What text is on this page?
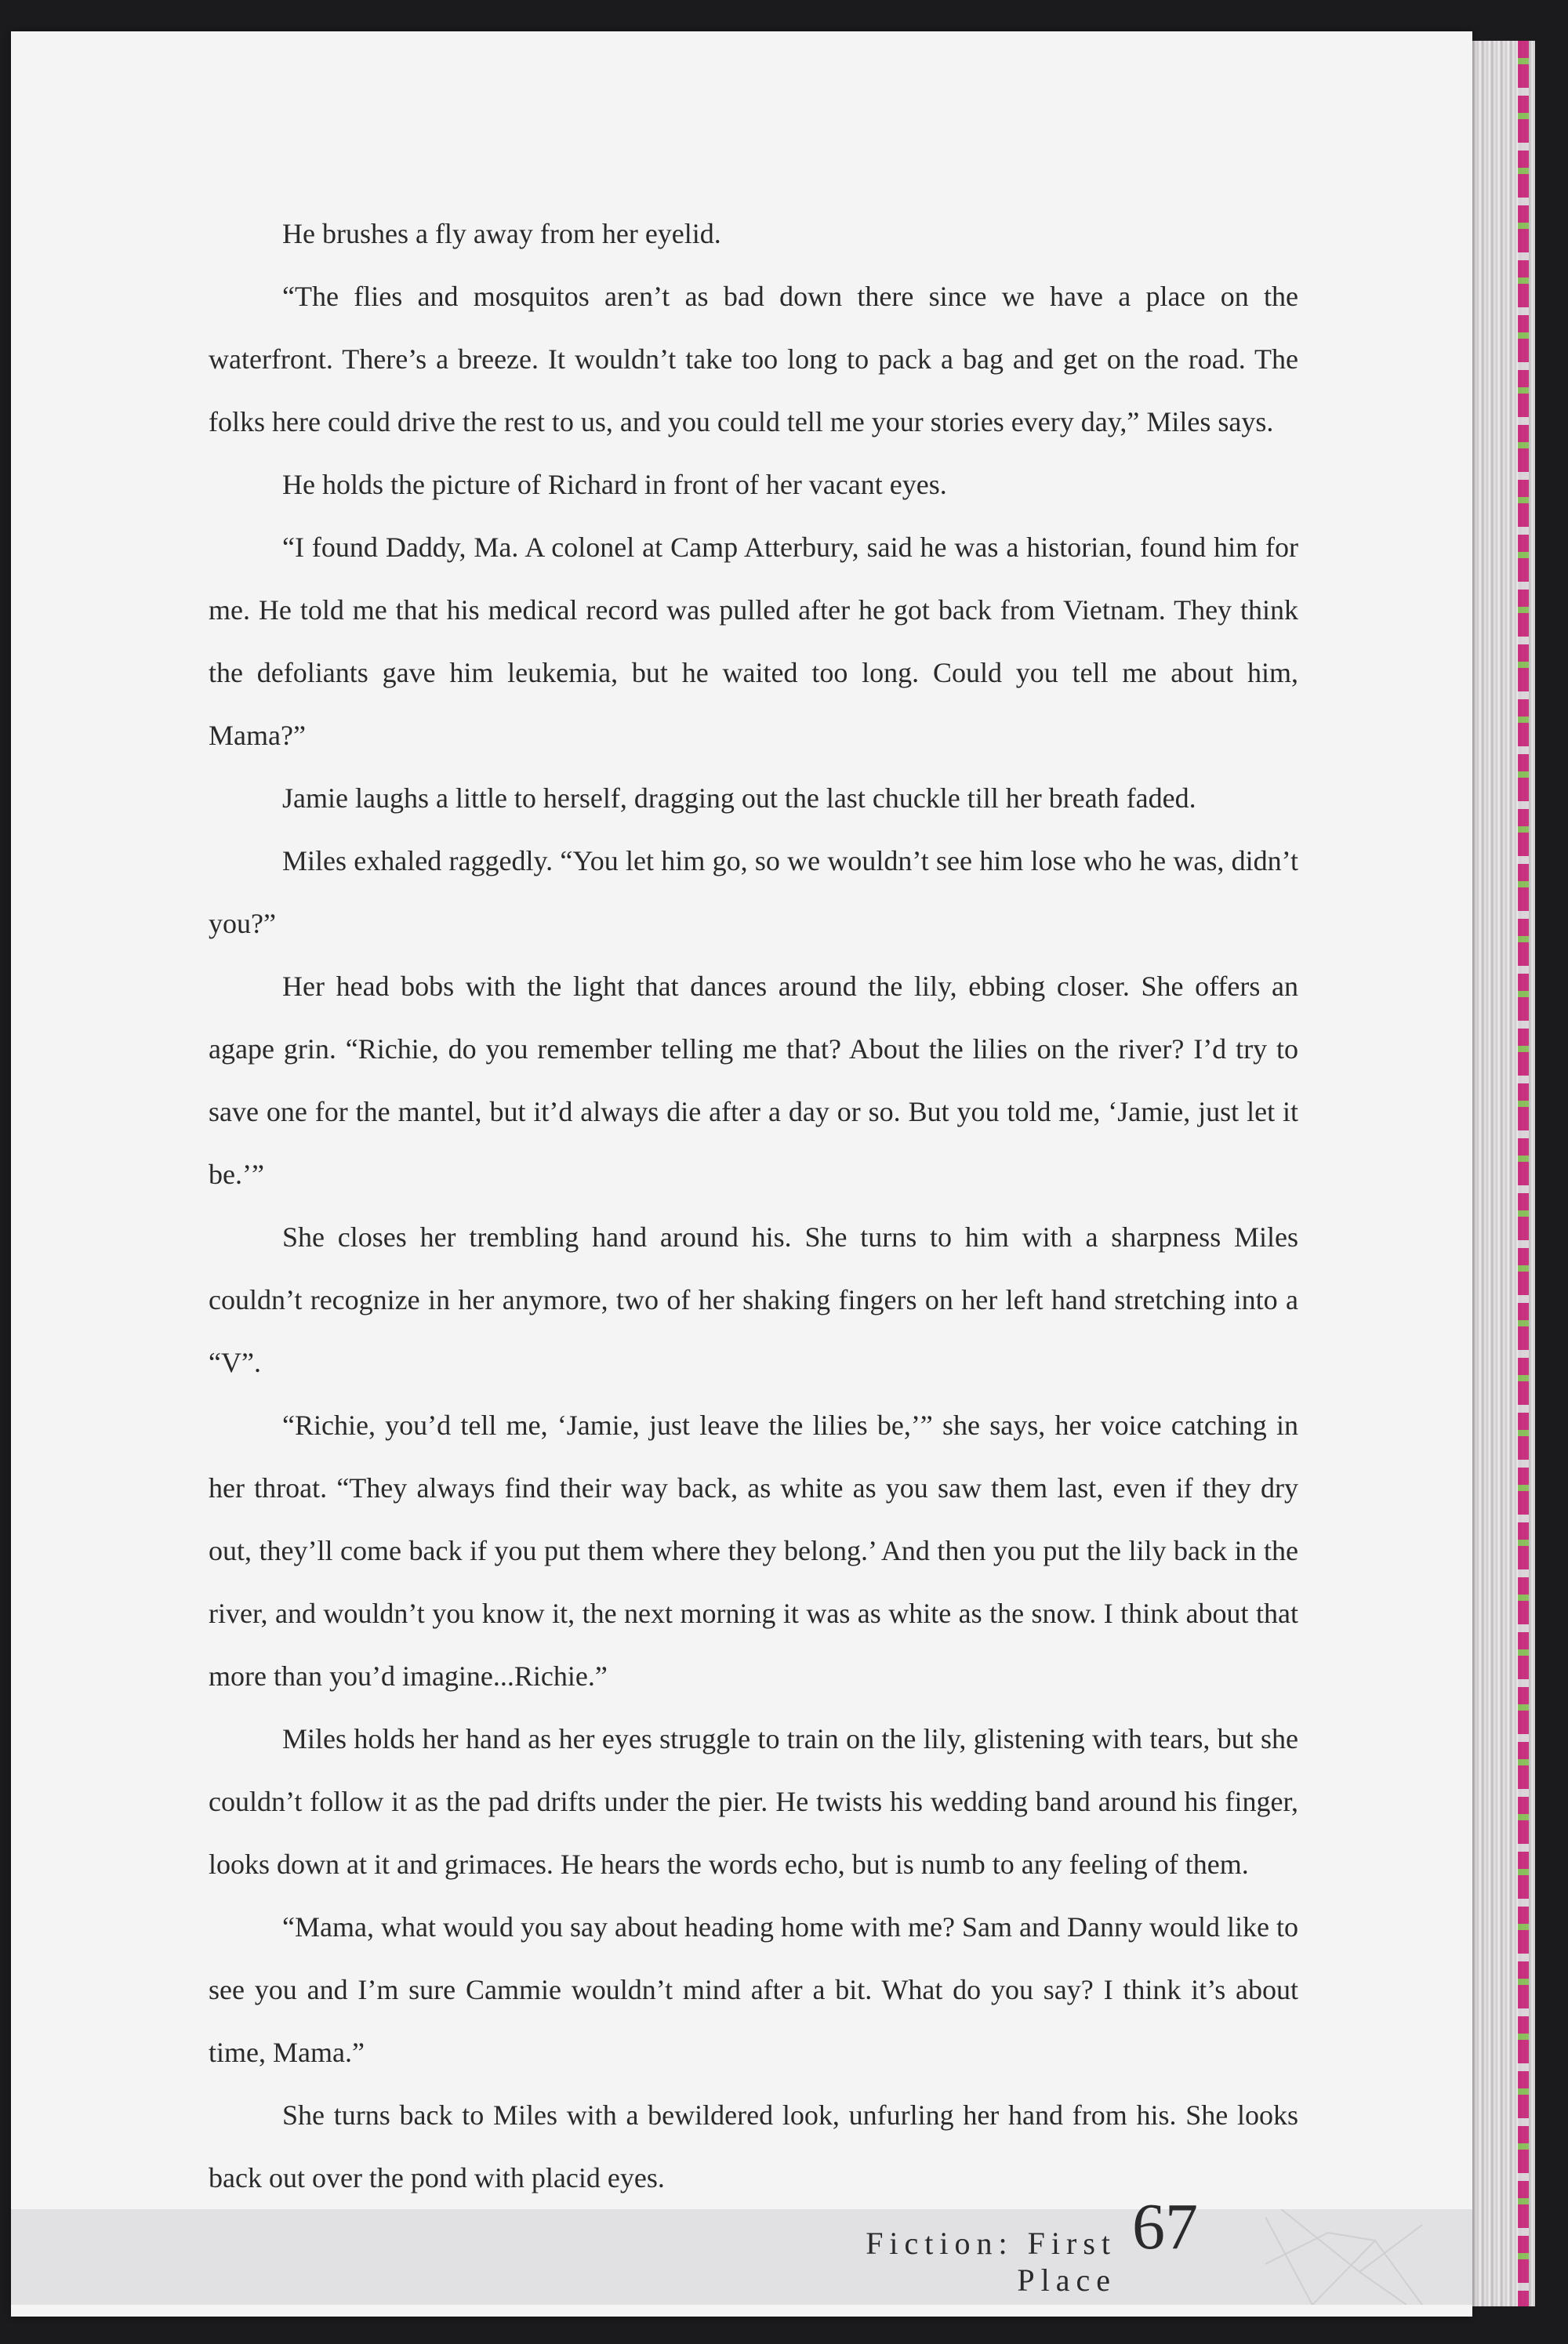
He brushes a fly away from her eyelid.

“The flies and mosquitos aren’t as bad down there since we have a place on the waterfront. There’s a breeze. It wouldn’t take too long to pack a bag and get on the road. The folks here could drive the rest to us, and you could tell me your stories every day,” Miles says.

He holds the picture of Richard in front of her vacant eyes.

“I found Daddy, Ma. A colonel at Camp Atterbury, said he was a historian, found him for me. He told me that his medical record was pulled after he got back from Vietnam. They think the defoliants gave him leukemia, but he waited too long. Could you tell me about him, Mama?”

Jamie laughs a little to herself, dragging out the last chuckle till her breath faded.

Miles exhaled raggedly. “You let him go, so we wouldn’t see him lose who he was, didn’t you?”

Her head bobs with the light that dances around the lily, ebbing closer. She offers an agape grin. “Richie, do you remember telling me that? About the lilies on the river? I’d try to save one for the mantel, but it’d always die after a day or so. But you told me, ‘Jamie, just let it be.’”

She closes her trembling hand around his. She turns to him with a sharpness Miles couldn’t recognize in her anymore, two of her shaking fingers on her left hand stretching into a “V”.

“Richie, you’d tell me, ‘Jamie, just leave the lilies be,’” she says, her voice catching in her throat. “They always find their way back, as white as you saw them last, even if they dry out, they’ll come back if you put them where they belong.’ And then you put the lily back in the river, and wouldn’t you know it, the next morning it was as white as the snow. I think about that more than you’d imagine...Richie.”

Miles holds her hand as her eyes struggle to train on the lily, glistening with tears, but she couldn’t follow it as the pad drifts under the pier. He twists his wedding band around his finger, looks down at it and grimaces. He hears the words echo, but is numb to any feeling of them.

“Mama, what would you say about heading home with me? Sam and Danny would like to see you and I’m sure Cammie wouldn’t mind after a bit. What do you say? I think it’s about time, Mama.”

She turns back to Miles with a bewildered look, unfurling her hand from his. She looks back out over the pond with placid eyes.

Fiction: First Place
67
